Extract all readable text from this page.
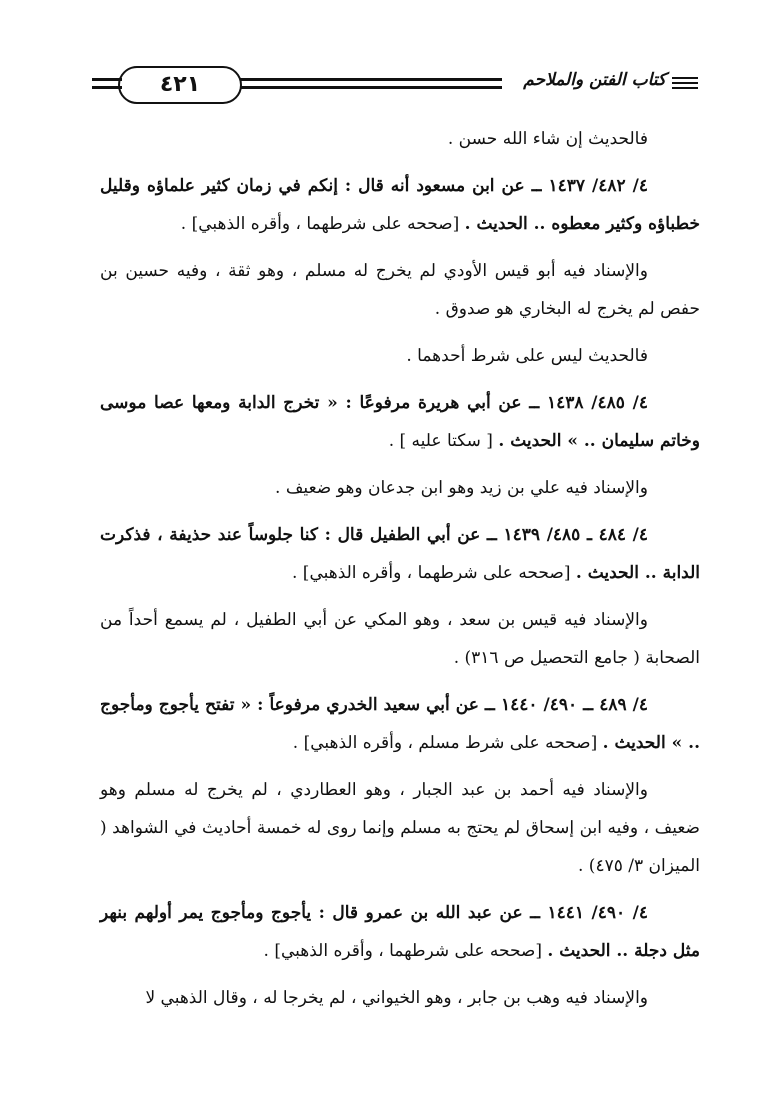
٤٢١	كتاب الفتن والملاحم

فالحديث إن شاء الله حسن .

٤/ ٤٨٢/ ١٤٣٧ ــ عن ابن مسعود أنه قال : إنكم في زمان كثير علماؤه وقليل خطباؤه وكثير معطوه .. الحديث . [صححه على شرطهما ، وأقره الذهبي] .

والإسناد فيه أبو قيس الأودي لم يخرج له مسلم ، وهو ثقة ، وفيه حسين بن حفص لم يخرج له البخاري هو صدوق .

فالحديث ليس على شرط أحدهما .

٤/ ٤٨٥/ ١٤٣٨ ــ عن أبي هريرة مرفوعًا : « تخرج الدابة ومعها عصا موسى وخاتم سليمان .. » الحديث . [ سكتا عليه ] .

والإسناد فيه علي بن زيد وهو ابن جدعان وهو ضعيف .

٤/ ٤٨٤ ـ ٤٨٥/ ١٤٣٩ ــ عن أبي الطفيل قال : كنا جلوساً عند حذيفة ، فذكرت الدابة .. الحديث . [صححه على شرطهما ، وأقره الذهبي] .

والإسناد فيه قيس بن سعد ، وهو المكي عن أبي الطفيل ، لم يسمع أحداً من الصحابة ( جامع التحصيل ص ٣١٦) .

٤/ ٤٨٩ ــ ٤٩٠/ ١٤٤٠ ــ عن أبي سعيد الخدري مرفوعاً : « تفتح يأجوج ومأجوج .. » الحديث . [صححه على شرط مسلم ، وأقره الذهبي] .

والإسناد فيه أحمد بن عبد الجبار ، وهو العطاردي ، لم يخرج له مسلم وهو ضعيف ، وفيه ابن إسحاق لم يحتج به مسلم وإنما روى له خمسة أحاديث في الشواهد ( الميزان ٣/ ٤٧٥) .

٤/ ٤٩٠/ ١٤٤١ ــ عن عبد الله بن عمرو قال : يأجوج ومأجوج يمر أولهم بنهر مثل دجلة .. الحديث . [صححه على شرطهما ، وأقره الذهبي] .

والإسناد فيه وهب بن جابر ، وهو الخيواني ، لم يخرجا له ، وقال الذهبي لا
